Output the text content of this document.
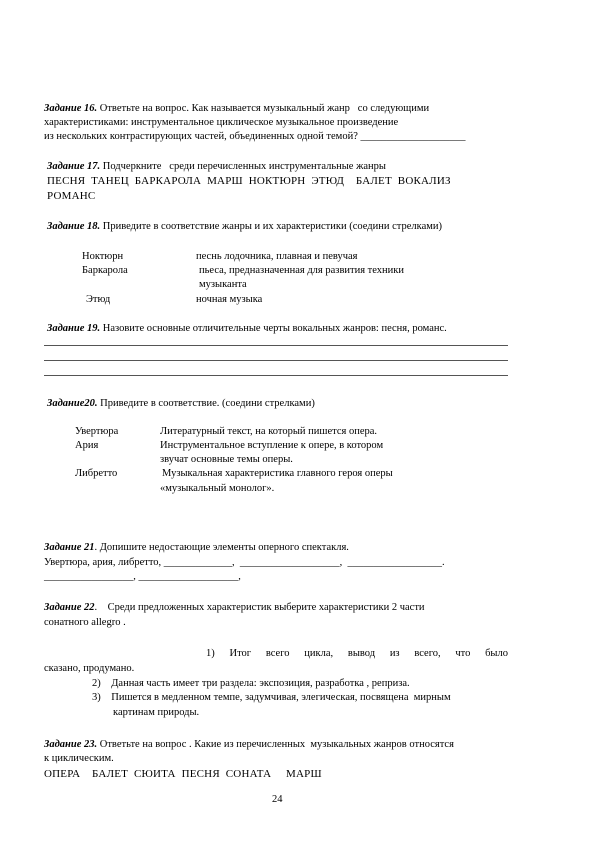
Задание 16. Ответьте на вопрос. Как называется музыкальный жанр   со следующими
характеристиками: инструментальное циклическое музыкальное произведение
из нескольких контрастирующих частей, объединенных одной темой? ____________________
Задание 17. Подчеркните   среди перечисленных инструментальные жанры
ПЕСНЯ  ТАНЕЦ  БАРКАРОЛА  МАРШ  НОКТЮРН  ЭТЮД    БАЛЕТ  ВОКАЛИЗ
РОМАНС
Задание 18. Приведите в соответствие жанры и их характеристики (соедини стрелками)
Ноктюрн
Баркарола
Этюд
песнь лодочника, плавная и певучая
пьеса, предназначенная для развития техники
музыканта
ночная музыка
Задание 19. Назовите основные отличительные черты вокальных жанров: песня, романс.
Задание20. Приведите в соответствие. (соедини стрелками)
Увертюра
Ария
Либретто
Литературный текст, на который пишется опера.
Инструментальное вступление к опере, в котором
звучат основные темы оперы.
Музыкальная характеристика главного героя оперы
«музыкальный монолог».
Задание 21. Допишите недостающие элементы оперного спектакля.
Увертюра, ария, либретто, _____________,  ___________________,  __________________.
_________________, ___________________,
Задание 22.    Среди предложенных характеристик выберите характеристики 2 части
сонатного allegro .
1) Итог всего цикла, вывод из всего, что было
сказано, продумано.
2)    Данная часть имеет три раздела: экспозиция, разработка , реприза.
3)    Пишется в медленном темпе, задумчивая, элегическая, посвящена  мирным
картинам природы.
Задание 23. Ответьте на вопрос . Какие из перечисленных  музыкальных жанров относятся
к циклическим.
ОПЕРА    БАЛЕТ  СЮИТА  ПЕСНЯ  СОНАТА     МАРШ
24
